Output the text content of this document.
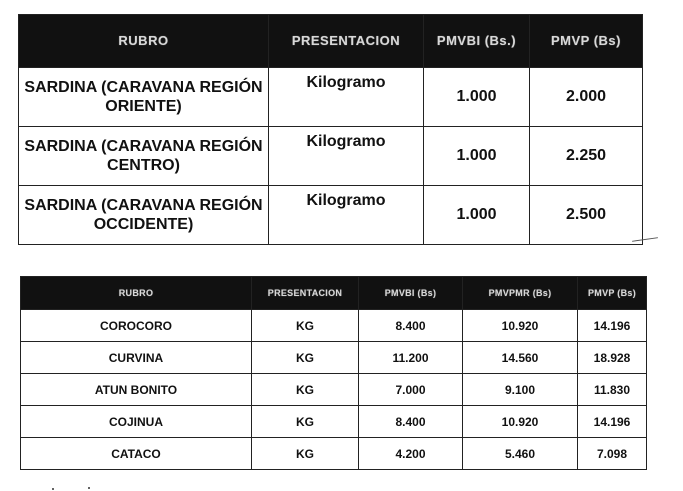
RUBRO	PRESENTACION	PMVBI (Bs.)	PMVP (Bs)
SARDINA (CARAVANA REGIÓN ORIENTE)	Kilogramo	1.000	2.000
SARDINA (CARAVANA REGIÓN CENTRO)	Kilogramo	1.000	2.250
SARDINA (CARAVANA REGIÓN OCCIDENTE)	Kilogramo	1.000	2.500
RUBRO	PRESENTACION	PMVBI (Bs)	PMVPMR (Bs)	PMVP (Bs)
COROCORO	KG	8.400	10.920	14.196
CURVINA	KG	11.200	14.560	18.928
ATUN BONITO	KG	7.000	9.100	11.830
COJINUA	KG	8.400	10.920	14.196
CATACO	KG	4.200	5.460	7.098
